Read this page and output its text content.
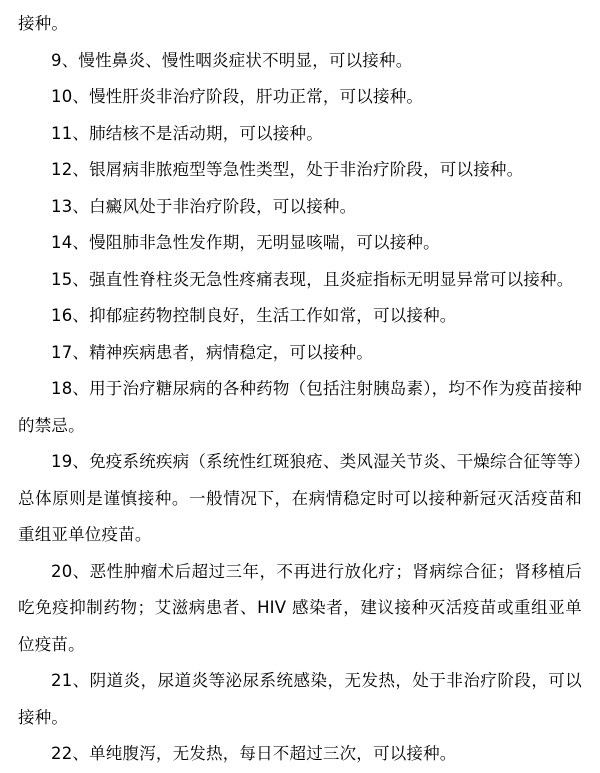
接种。

9、慢性鼻炎、慢性咽炎症状不明显，可以接种。

10、慢性肝炎非治疗阶段，肝功正常，可以接种。

11、肺结核不是活动期，可以接种。

12、银屑病非脓疱型等急性类型，处于非治疗阶段，可以接种。

13、白癜风处于非治疗阶段，可以接种。

14、慢阻肺非急性发作期，无明显咳喘，可以接种。

15、强直性脊柱炎无急性疼痛表现，且炎症指标无明显异常可以接种。

16、抑郁症药物控制良好，生活工作如常，可以接种。

17、精神疾病患者，病情稳定，可以接种。

18、用于治疗糖尿病的各种药物（包括注射胰岛素），均不作为疫苗接种的禁忌。

19、免疫系统疾病（系统性红斑狼疮、类风湿关节炎、干燥综合征等等）总体原则是谨慎接种。一般情况下，在病情稳定时可以接种新冠灭活疫苗和重组亚单位疫苗。

20、恶性肿瘤术后超过三年，不再进行放化疗；肾病综合征；肾移植后吃免疫抑制药物；艾滋病患者、HIV 感染者，建议接种灭活疫苗或重组亚单位疫苗。

21、阴道炎，尿道炎等泌尿系统感染，无发热，处于非治疗阶段，可以接种。

22、单纯腹泻，无发热，每日不超过三次，可以接种。
